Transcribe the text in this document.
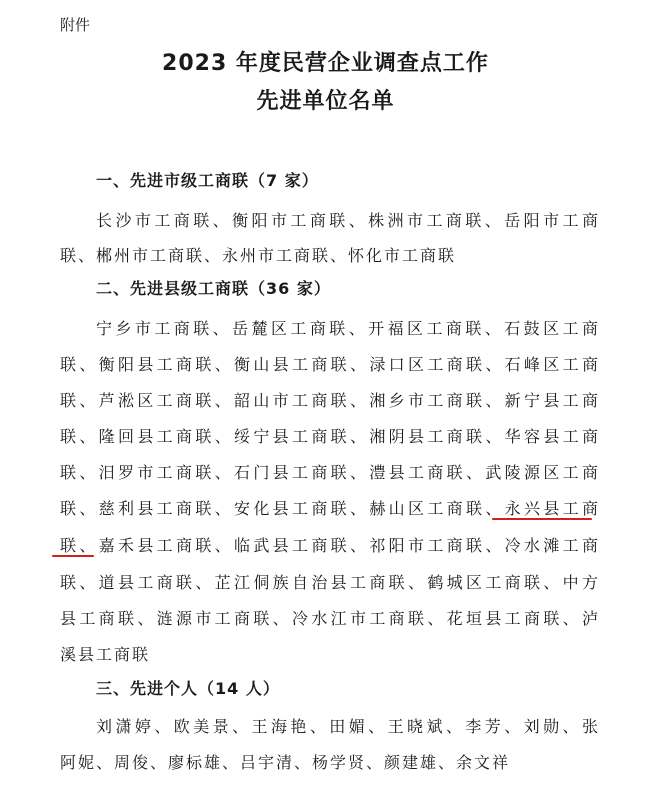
附件
2023 年度民营企业调查点工作
先进单位名单
一、先进市级工商联（7 家）
长沙市工商联、衡阳市工商联、株洲市工商联、岳阳市工商
联、郴州市工商联、永州市工商联、怀化市工商联
二、先进县级工商联（36 家）
宁乡市工商联、岳麓区工商联、开福区工商联、石鼓区工商
联、衡阳县工商联、衡山县工商联、渌口区工商联、石峰区工商
联、芦淞区工商联、韶山市工商联、湘乡市工商联、新宁县工商
联、隆回县工商联、绥宁县工商联、湘阴县工商联、华容县工商
联、汨罗市工商联、石门县工商联、澧县工商联、武陵源区工商
联、慈利县工商联、安化县工商联、赫山区工商联、永兴县工商
联、嘉禾县工商联、临武县工商联、祁阳市工商联、冷水滩工商
联、道县工商联、芷江侗族自治县工商联、鹤城区工商联、中方
县工商联、涟源市工商联、冷水江市工商联、花垣县工商联、泸
溪县工商联
三、先进个人（14 人）
刘潇婷、欧美景、王海艳、田媚、王晓斌、李芳、刘勋、张
阿妮、周俊、廖标雄、吕宇清、杨学贤、颜建雄、余文祥
